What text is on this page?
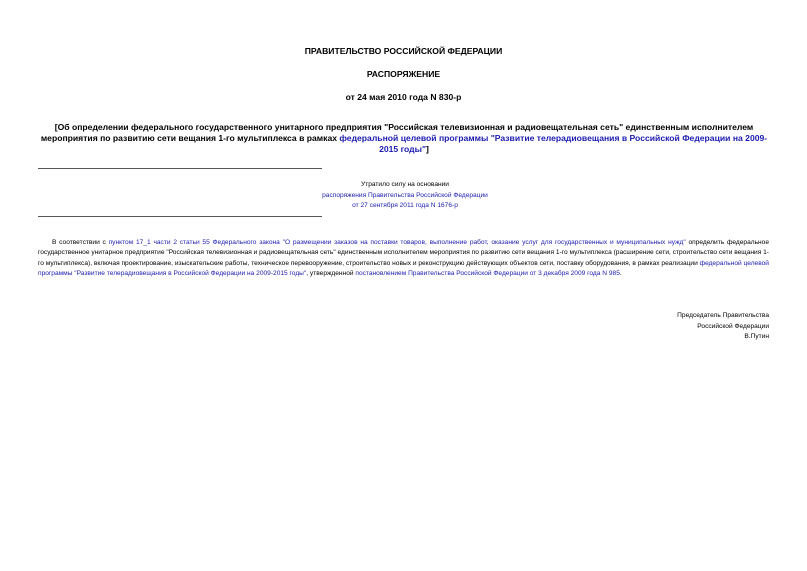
ПРАВИТЕЛЬСТВО РОССИЙСКОЙ ФЕДЕРАЦИИ
РАСПОРЯЖЕНИЕ
от 24 мая 2010 года N 830-р
[Об определении федерального государственного унитарного предприятия "Российская телевизионная и радиовещательная сеть" единственным исполнителем мероприятия по развитию сети вещания 1-го мультиплекса в рамках федеральной целевой программы "Развитие телерадиовещания в Российской Федерации на 2009-2015 годы"]
Утратило силу на основании
распоряжения Правительства Российской Федерации
от 27 сентября 2011 года N 1676-р
В соответствии с пунктом 17_1 части 2 статьи 55 Федерального закона "О размещении заказов на поставки товаров, выполнение работ, оказание услуг для государственных и муниципальных нужд" определить федеральное государственное унитарное предприятие "Российская телевизионная и радиовещательная сеть" единственным исполнителем мероприятия по развитию сети вещания 1-го мультиплекса (расширение сети, строительство сети вещания 1-го мультиплекса), включая проектирование, изыскательские работы, техническое перевооружение, строительство новых и реконструкцию действующих объектов сети, поставку оборудования, в рамках реализации федеральной целевой программы "Развитие телерадиовещания в Российской Федерации на 2009-2015 годы", утвержденной постановлением Правительства Российской Федерации от 3 декабря 2009 года N 985.
Председатель Правительства
Российской Федерации
В.Путин
